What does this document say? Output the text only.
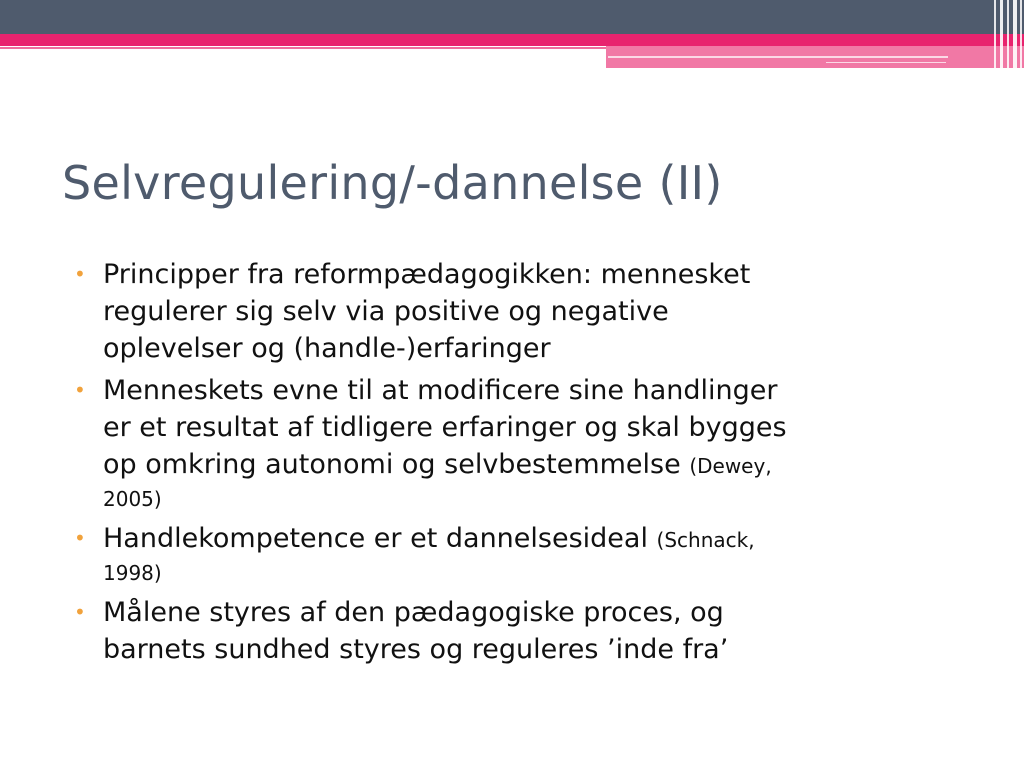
Selvregulering/-dannelse (II)
• Principper fra reformpædagogikken: mennesket
regulerer sig selv via positive og negative
oplevelser og (handle-)erfaringer
• Menneskets evne til at modificere sine handlinger
er et resultat af tidligere erfaringer og skal bygges
op omkring autonomi og selvbestemmelse (Dewey,
2005)
• Handlekompetence er et dannelsesideal (Schnack,
1998)
• Målene styres af den pædagogiske proces, og
barnets sundhed styres og reguleres ’inde fra’
